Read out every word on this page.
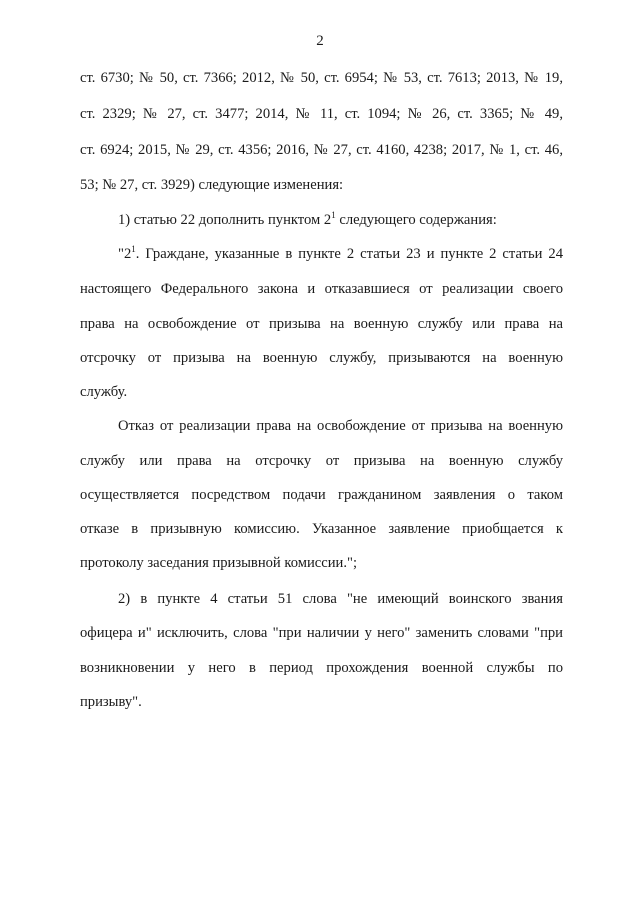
2

ст. 6730; № 50, ст. 7366; 2012, № 50, ст. 6954; № 53, ст. 7613; 2013, № 19,

ст. 2329; № 27, ст. 3477; 2014, № 11, ст. 1094; № 26, ст. 3365; № 49,

ст. 6924; 2015, № 29, ст. 4356; 2016, № 27, ст. 4160, 4238; 2017, № 1, ст. 46,

53; № 27, ст. 3929) следующие изменения:

1) статью 22 дополнить пунктом $2^1$ следующего содержания:

"$2^1$. Граждане, указанные в пункте 2 статьи 23 и пункте 2 статьи 24

настоящего Федерального закона и отказавшиеся от реализации своего

права на освобождение от призыва на военную службу или права на

отсрочку от призыва на военную службу, призываются на военную

службу.

Отказ от реализации права на освобождение от призыва на военную

службу или права на отсрочку от призыва на военную службу

осуществляется посредством подачи гражданином заявления о таком

отказе в призывную комиссию. Указанное заявление приобщается к

протоколу заседания призывной комиссии.";

2) в пункте 4 статьи 51 слова "не имеющий воинского звания

офицера и" исключить, слова "при наличии у него" заменить словами "при

возникновении у него в период прохождения военной службы по

призыву".
